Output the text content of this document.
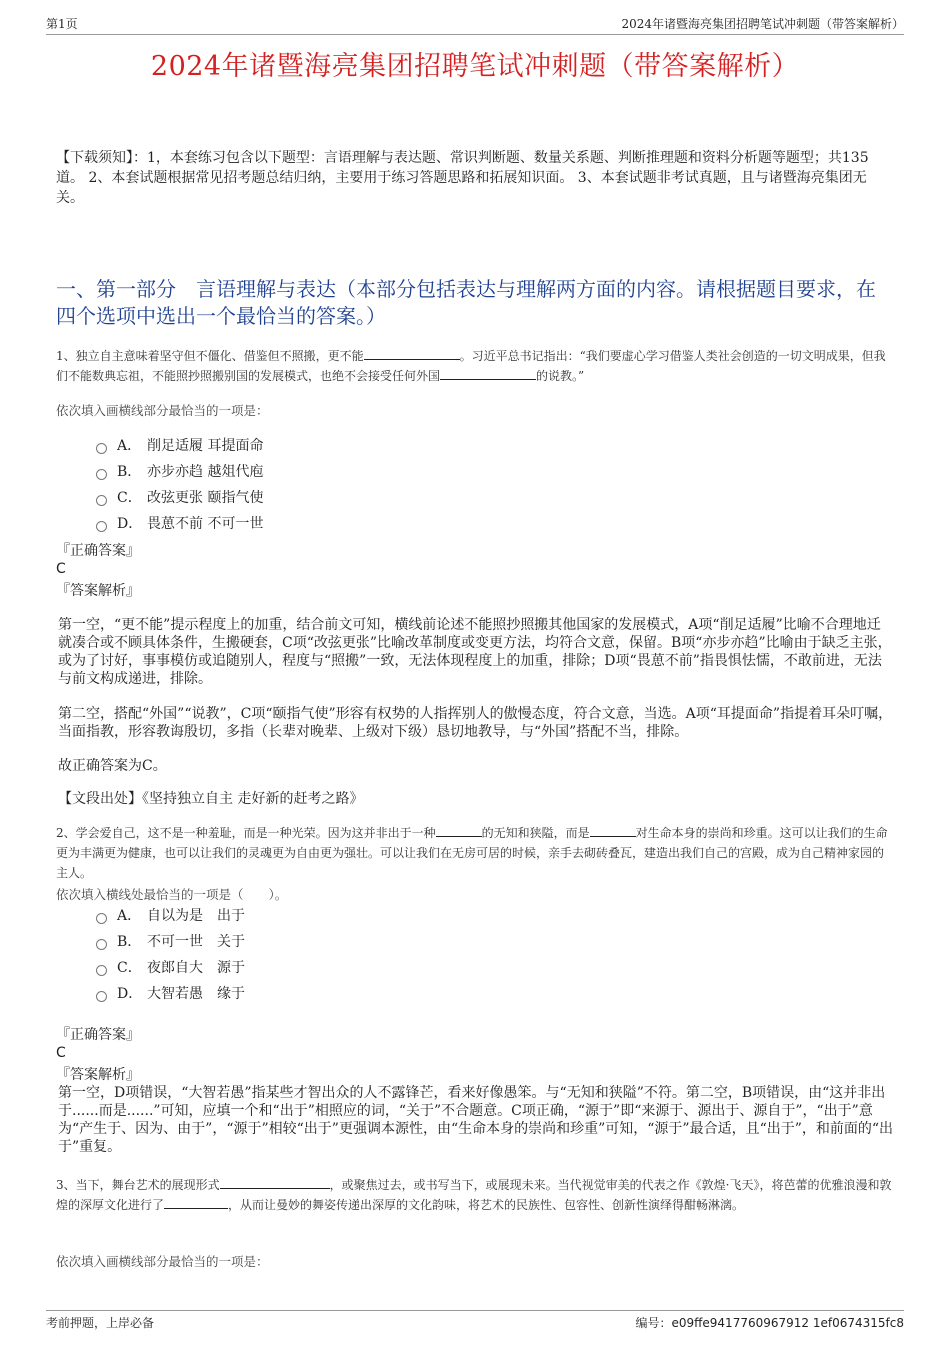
第1页	2024年诸暨海亮集团招聘笔试冲刺题（带答案解析）
2024年诸暨海亮集团招聘笔试冲刺题（带答案解析）
【下载须知】：1，本套练习包含以下题型：言语理解与表达题、常识判断题、数量关系题、判断推理题和资料分析题等题型；共135道。 2、本套试题根据常见招考题总结归纳，主要用于练习答题思路和拓展知识面。 3、本套试题非考试真题，且与诸暨海亮集团无关。
一、第一部分　言语理解与表达（本部分包括表达与理解两方面的内容。请根据题目要求，在四个选项中选出一个最恰当的答案。）
1、独立自主意味着坚守但不僵化、借鉴但不照搬，更不能	。习近平总书记指出：“我们要虚心学习借鉴人类社会创造的一切文明成果，但我们不能数典忘祖，不能照抄照搬别国的发展模式，也绝不会接受任何外国	的说教。”
依次填入画横线部分最恰当的一项是：
A． 削足适履 耳提面命
B． 亦步亦趋 越俎代庖
C． 改弦更张 颐指气使
D． 畏葸不前 不可一世
『正确答案』
C
『答案解析』
第一空，“更不能”提示程度上的加重，结合前文可知，横线前论述不能照抄照搬其他国家的发展模式，A项“削足适履”比喻不合理地迁就凑合或不顾具体条件，生搬硬套，C项“改弦更张”比喻改革制度或变更方法，均符合文意，保留。B项“亦步亦趋”比喻由于缺乏主张，或为了讨好，事事模仿或追随别人，程度与“照搬”一致，无法体现程度上的加重，排除；D项“畏葸不前”指畏惧怯懦，不敢前进，无法与前文构成递进，排除。
第二空，搭配“外国”“说教”，C项“颐指气使”形容有权势的人指挥别人的傲慢态度，符合文意，当选。A项“耳提面命”指提着耳朵叮嘱，当面指教，形容教诲殷切，多指（长辈对晚辈、上级对下级）恳切地教导，与“外国”搭配不当，排除。
故正确答案为C。
【文段出处】《坚持独立自主 走好新的赶考之路》
2、学会爱自己，这不是一种羞耻，而是一种光荣。因为这并非出于一种	的无知和狭隘，而是	对生命本身的崇尚和珍重。这可以让我们的生命更为丰满更为健康，也可以让我们的灵魂更为自由更为强壮。可以让我们在无房可居的时候，亲手去砌砖叠瓦，建造出我们自己的宫殿，成为自己精神家园的主人。
依次填入横线处最恰当的一项是（　　）。
A． 自以为是　出于
B． 不可一世　关于
C． 夜郎自大　源于
D． 大智若愚　缘于
『正确答案』
C
『答案解析』
第一空，D项错误，“大智若愚”指某些才智出众的人不露锋芒，看来好像愚笨。与“无知和狭隘”不符。第二空，B项错误，由“这并非出于......而是......”可知，应填一个和“出于”相照应的词，“关于”不合题意。C项正确，“源于”即“来源于、源出于、源自于”，“出于”意为“产生于、因为、由于”，“源于”相较“出于”更强调本源性，由“生命本身的崇尚和珍重”可知，“源于”最合适，且“出于”，和前面的“出于”重复。
3、当下，舞台艺术的展现形式	，或聚焦过去，或书写当下，或展现未来。当代视觉审美的代表之作《敦煌·飞天》，将芭蕾的优雅浪漫和敦煌的深厚文化进行了	，从而让曼妙的舞姿传递出深厚的文化韵味，将艺术的民族性、包容性、创新性演绎得酣畅淋漓。
依次填入画横线部分最恰当的一项是：
考前押题，上岸必备	编号：e09ffe9417760967912 1ef0674315fc8
